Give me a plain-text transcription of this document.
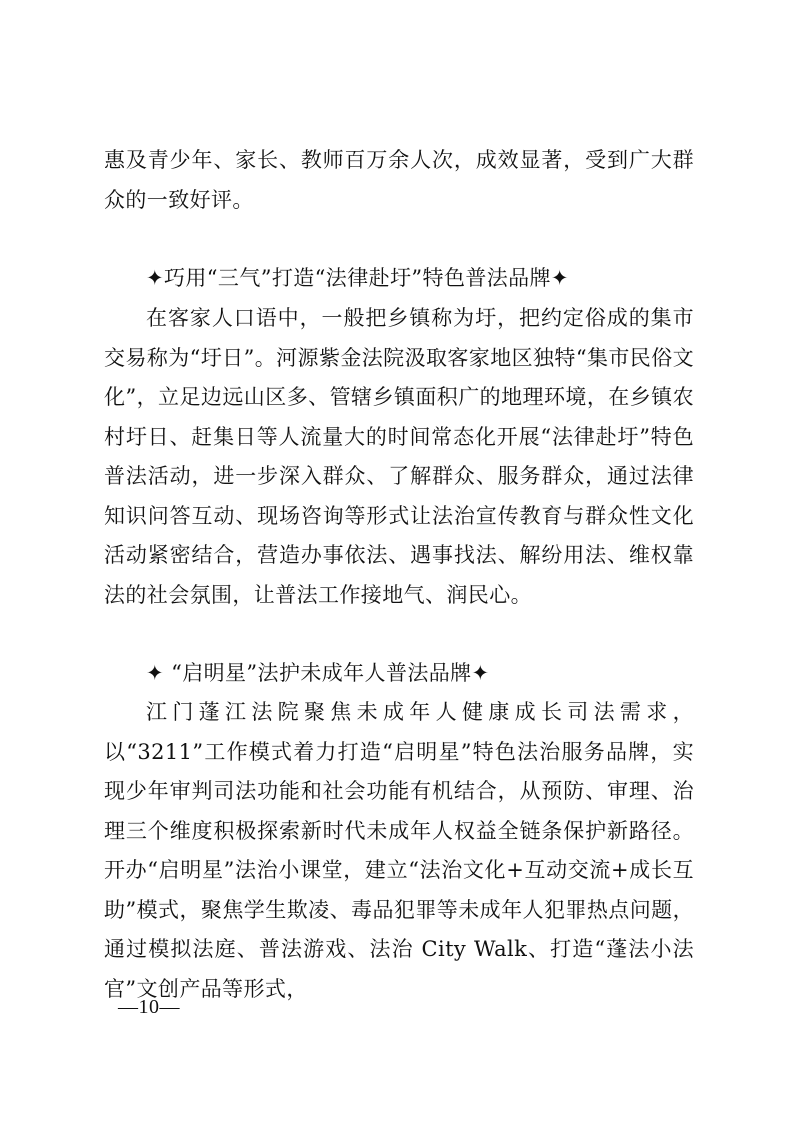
惠及青少年、家长、教师百万余人次，成效显著，受到广大群众的一致好评。

✦巧用“三气”打造“法律赴圩”特色普法品牌✦

在客家人口语中，一般把乡镇称为圩，把约定俗成的集市交易称为“圩日”。河源紫金法院汲取客家地区独特“集市民俗文化”，立足边远山区多、管辖乡镇面积广的地理环境，在乡镇农村圩日、赶集日等人流量大的时间常态化开展“法律赴圩”特色普法活动，进一步深入群众、了解群众、服务群众，通过法律知识问答互动、现场咨询等形式让法治宣传教育与群众性文化活动紧密结合，营造办事依法、遇事找法、解纷用法、维权靠法的社会氛围，让普法工作接地气、润民心。

✦ “启明星”法护未成年人普法品牌✦

江门蓬江法院聚焦未成年人健康成长司法需求，以“3211”工作模式着力打造“启明星”特色法治服务品牌，实现少年审判司法功能和社会功能有机结合，从预防、审理、治理三个维度积极探索新时代未成年人权益全链条保护新路径。开办“启明星”法治小课堂，建立“法治文化+互动交流+成长互助”模式，聚焦学生欺凌、毒品犯罪等未成年人犯罪热点问题，通过模拟法庭、普法游戏、法治 City Walk、打造“蓬法小法官”文创产品等形式，

—10—
